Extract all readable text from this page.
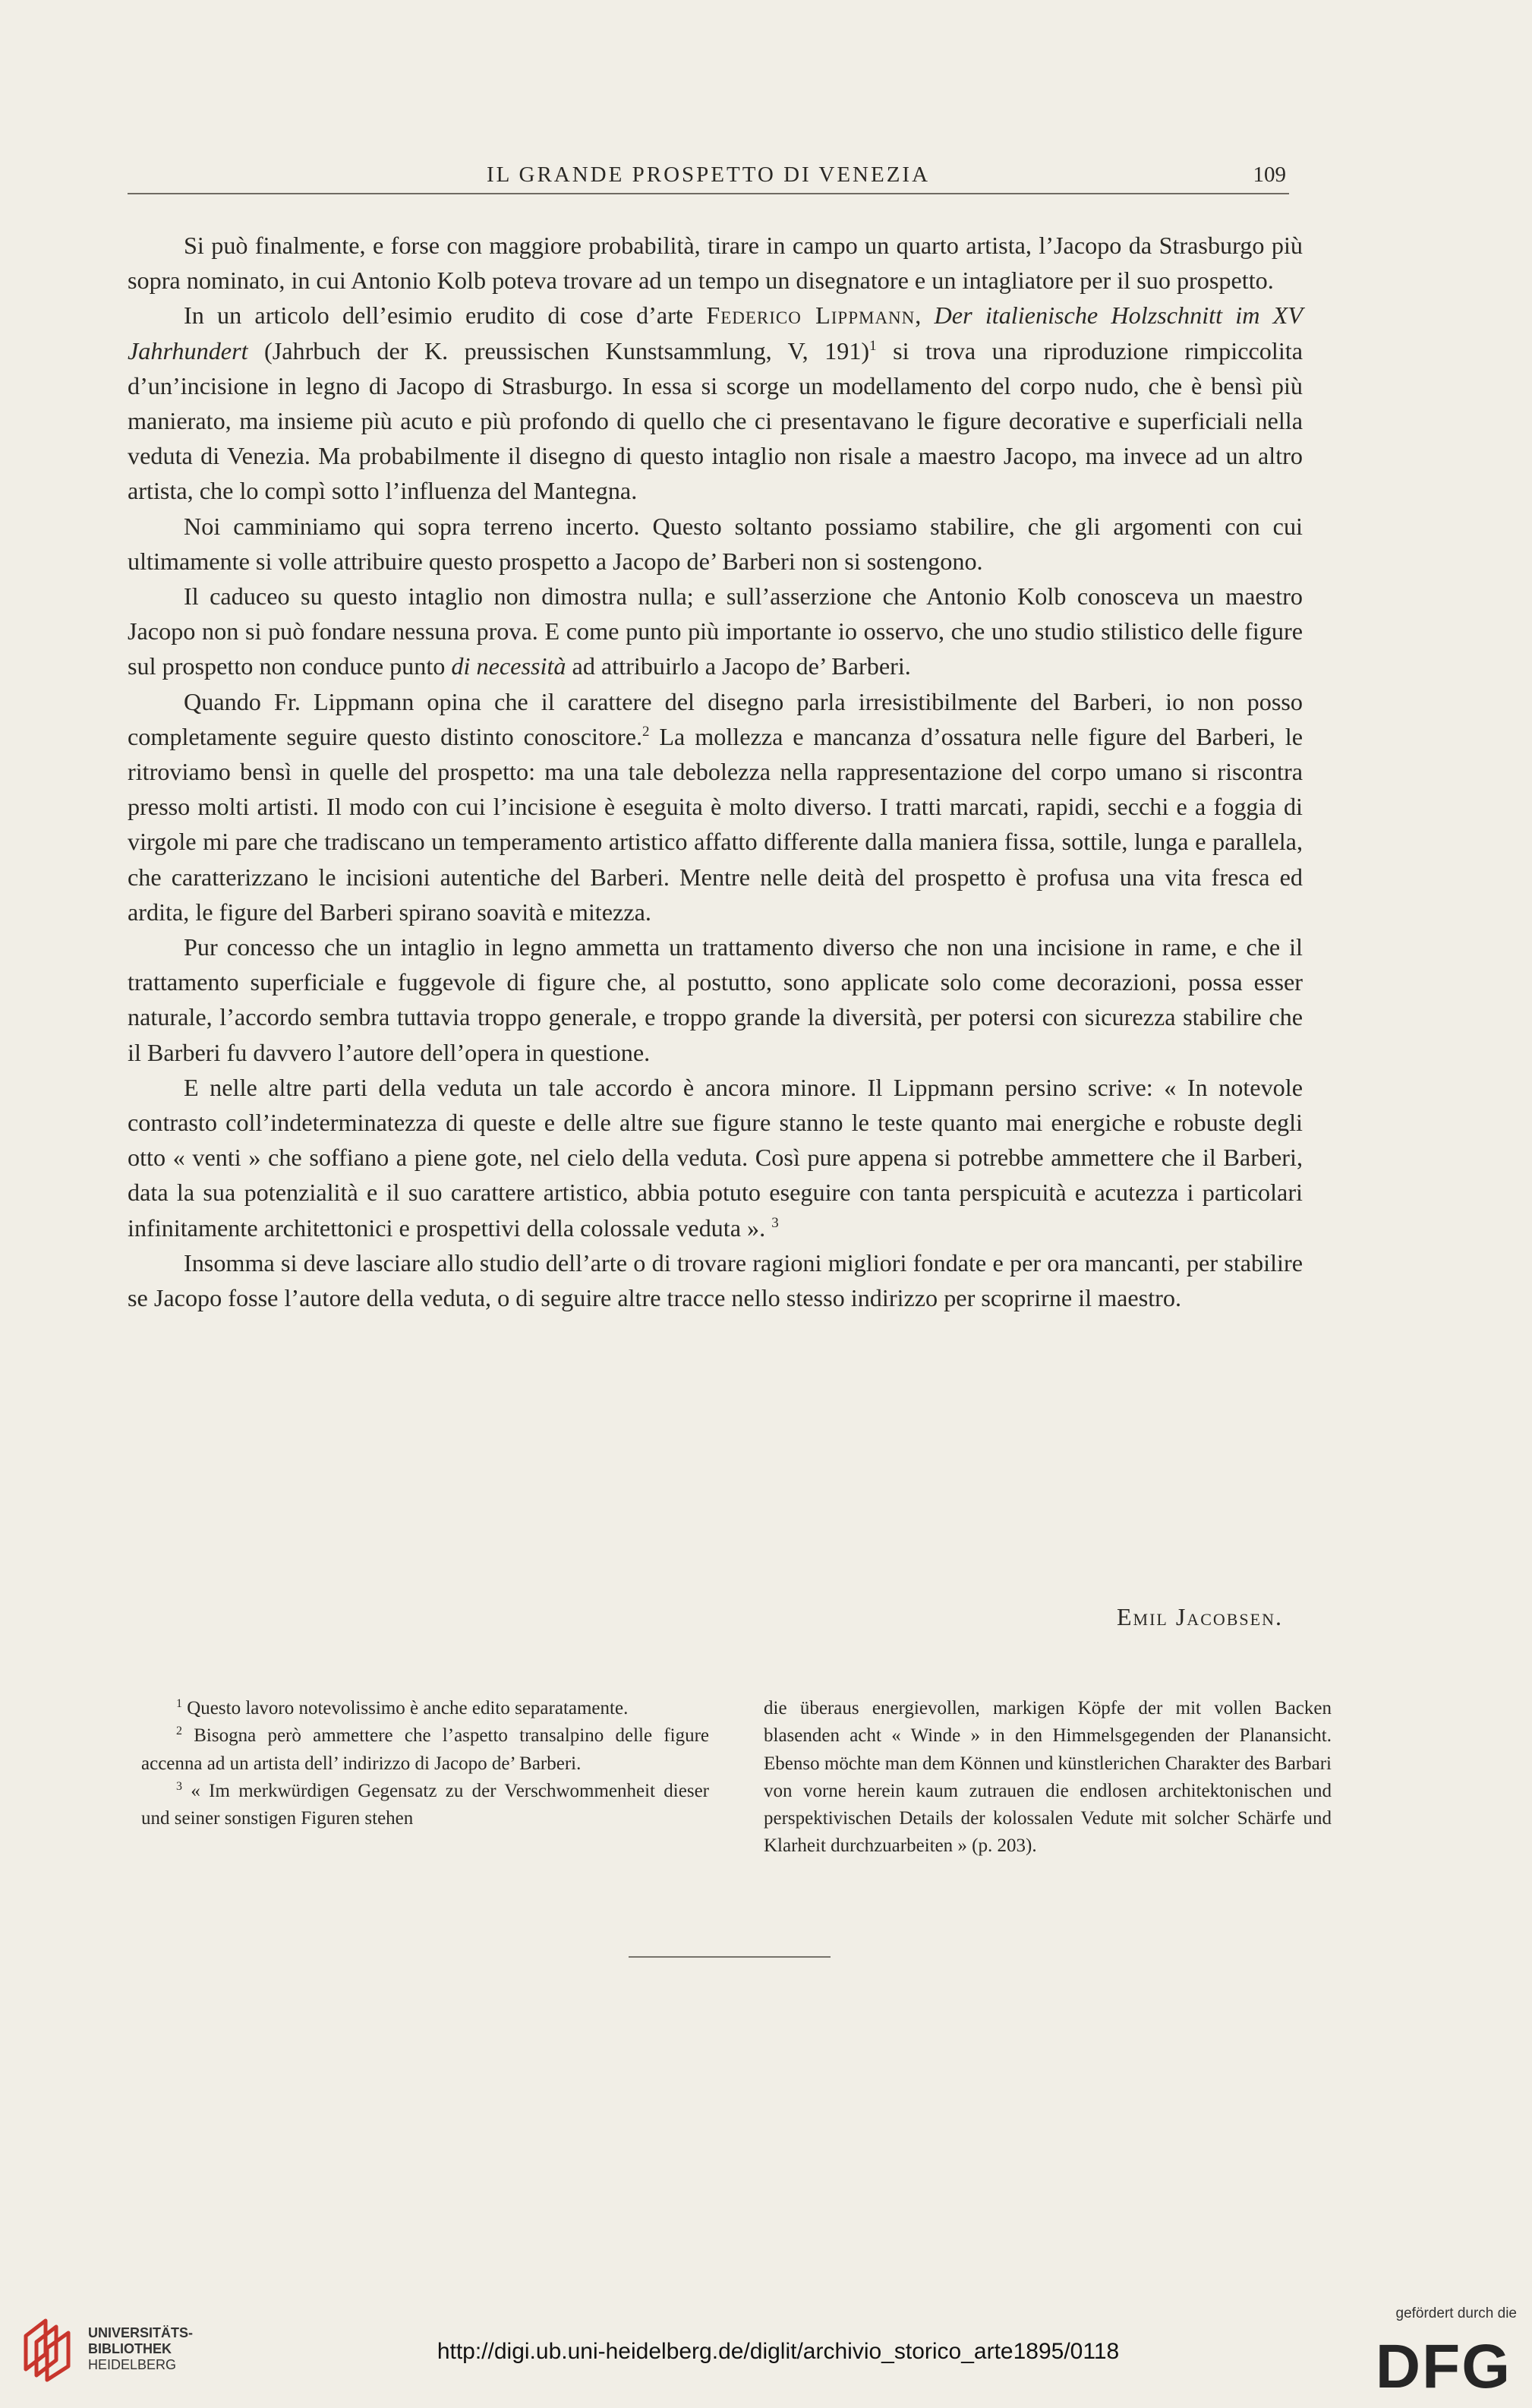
IL GRANDE PROSPETTO DI VENEZIA	109

Si può finalmente, e forse con maggiore probabilità, tirare in campo un quarto artista, l’Jacopo da Strasburgo più sopra nominato, in cui Antonio Kolb poteva trovare ad un tempo un disegnatore e un intagliatore per il suo prospetto.

In un articolo dell’esimio erudito di cose d’arte Federico Lippmann, Der italienische Holzschnitt im XV Jahrhundert (Jahrbuch der K. preussischen Kunstsammlung, V, 191)$^1$ si trova una riproduzione rimpiccolita d’un’incisione in legno di Jacopo di Strasburgo. In essa si scorge un modellamento del corpo nudo, che è bensì più manierato, ma insieme più acuto e più profondo di quello che ci presentavano le figure decorative e superficiali nella veduta di Venezia. Ma probabilmente il disegno di questo intaglio non risale a maestro Jacopo, ma invece ad un altro artista, che lo compì sotto l’influenza del Mantegna.

Noi camminiamo qui sopra terreno incerto. Questo soltanto possiamo stabilire, che gli argomenti con cui ultimamente si volle attribuire questo prospetto a Jacopo de’ Barberi non si sostengono.

Il caduceo su questo intaglio non dimostra nulla; e sull’asserzione che Antonio Kolb conosceva un maestro Jacopo non si può fondare nessuna prova. E come punto più importante io osservo, che uno studio stilistico delle figure sul prospetto non conduce punto di necessità ad attribuirlo a Jacopo de’ Barberi.

Quando Fr. Lippmann opina che il carattere del disegno parla irresistibilmente del Barberi, io non posso completamente seguire questo distinto conoscitore.$^2$ La mollezza e mancanza d’ossatura nelle figure del Barberi, le ritroviamo bensì in quelle del prospetto: ma una tale debolezza nella rappresentazione del corpo umano si riscontra presso molti artisti. Il modo con cui l’incisione è eseguita è molto diverso. I tratti marcati, rapidi, secchi e a foggia di virgole mi pare che tradiscano un temperamento artistico affatto differente dalla maniera fissa, sottile, lunga e parallela, che caratterizzano le incisioni autentiche del Barberi. Mentre nelle deità del prospetto è profusa una vita fresca ed ardita, le figure del Barberi spirano soavità e mitezza.

Pur concesso che un intaglio in legno ammetta un trattamento diverso che non una incisione in rame, e che il trattamento superficiale e fuggevole di figure che, al postutto, sono applicate solo come decorazioni, possa esser naturale, l’accordo sembra tuttavia troppo generale, e troppo grande la diversità, per potersi con sicurezza stabilire che il Barberi fu davvero l’autore dell’opera in questione.

E nelle altre parti della veduta un tale accordo è ancora minore. Il Lippmann persino scrive: « In notevole contrasto coll’indeterminatezza di queste e delle altre sue figure stanno le teste quanto mai energiche e robuste degli otto « venti » che soffiano a piene gote, nel cielo della veduta. Così pure appena si potrebbe ammettere che il Barberi, data la sua potenzialità e il suo carattere artistico, abbia potuto eseguire con tanta perspicuità e acutezza i particolari infinitamente architettonici e prospettivi della colossale veduta ». $^3$

Insomma si deve lasciare allo studio dell’arte o di trovare ragioni migliori fondate e per ora mancanti, per stabilire se Jacopo fosse l’autore della veduta, o di seguire altre tracce nello stesso indirizzo per scoprirne il maestro.

Emil Jacobsen.

$^1$ Questo lavoro notevolissimo è anche edito separatamente.

$^2$ Bisogna però ammettere che l’aspetto transalpino delle figure accenna ad un artista dell’ indirizzo di Jacopo de’ Barberi.

$^3$ « Im merkwürdigen Gegensatz zu der Verschwommenheit dieser und seiner sonstigen Figuren stehen

die überaus energievollen, markigen Köpfe der mit vollen Backen blasenden acht « Winde » in den Himmelsgegenden der Planansicht. Ebenso möchte man dem Können und künstlerichen Charakter des Barbari von vorne herein kaum zutrauen die endlosen architektonischen und perspektivischen Details der kolossalen Vedute mit solcher Schärfe und Klarheit durchzuarbeiten » (p. 203).

UNIVERSITÄTS-
BIBLIOTHEK
HEIDELBERG
http://digi.ub.uni-heidelberg.de/diglit/archivio_storico_arte1895/0118
gefördert durch die
DFG
